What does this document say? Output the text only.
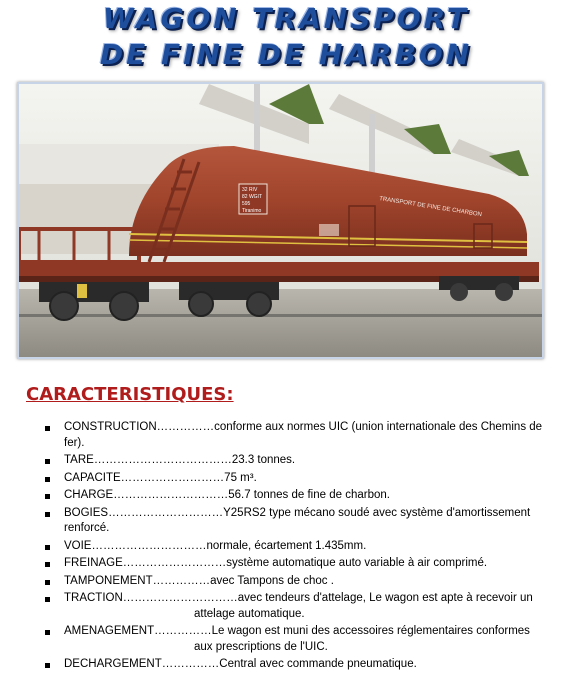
WAGON TRANSPORT
DE FINE DE HARBON
32 RIV
82 WGIT
595
Tiranimo	TRANSPORT DE FINE DE CHARBON
CARACTERISTIQUES:
CONSTRUCTION……………conforme aux normes UIC (union internationale des Chemins de fer).
TARE………………………………23.3 tonnes.
CAPACITE………………………75 m³.
CHARGE…………………………56.7 tonnes de fine de charbon.
BOGIES…………………………Y25RS2 type mécano soudé avec système d'amortissement
renforcé.
VOIE…………………………normale, écartement 1.435mm.
FREINAGE………………………système automatique auto variable à air comprimé.
TAMPONEMENT……………avec Tampons de choc .
TRACTION…………………………avec tendeurs d'attelage, Le wagon est apte à recevoir un
attelage automatique.
AMENAGEMENT……………Le wagon est muni des accessoires réglementaires conformes
aux prescriptions de l'UIC.
DECHARGEMENT……………Central avec commande pneumatique.
